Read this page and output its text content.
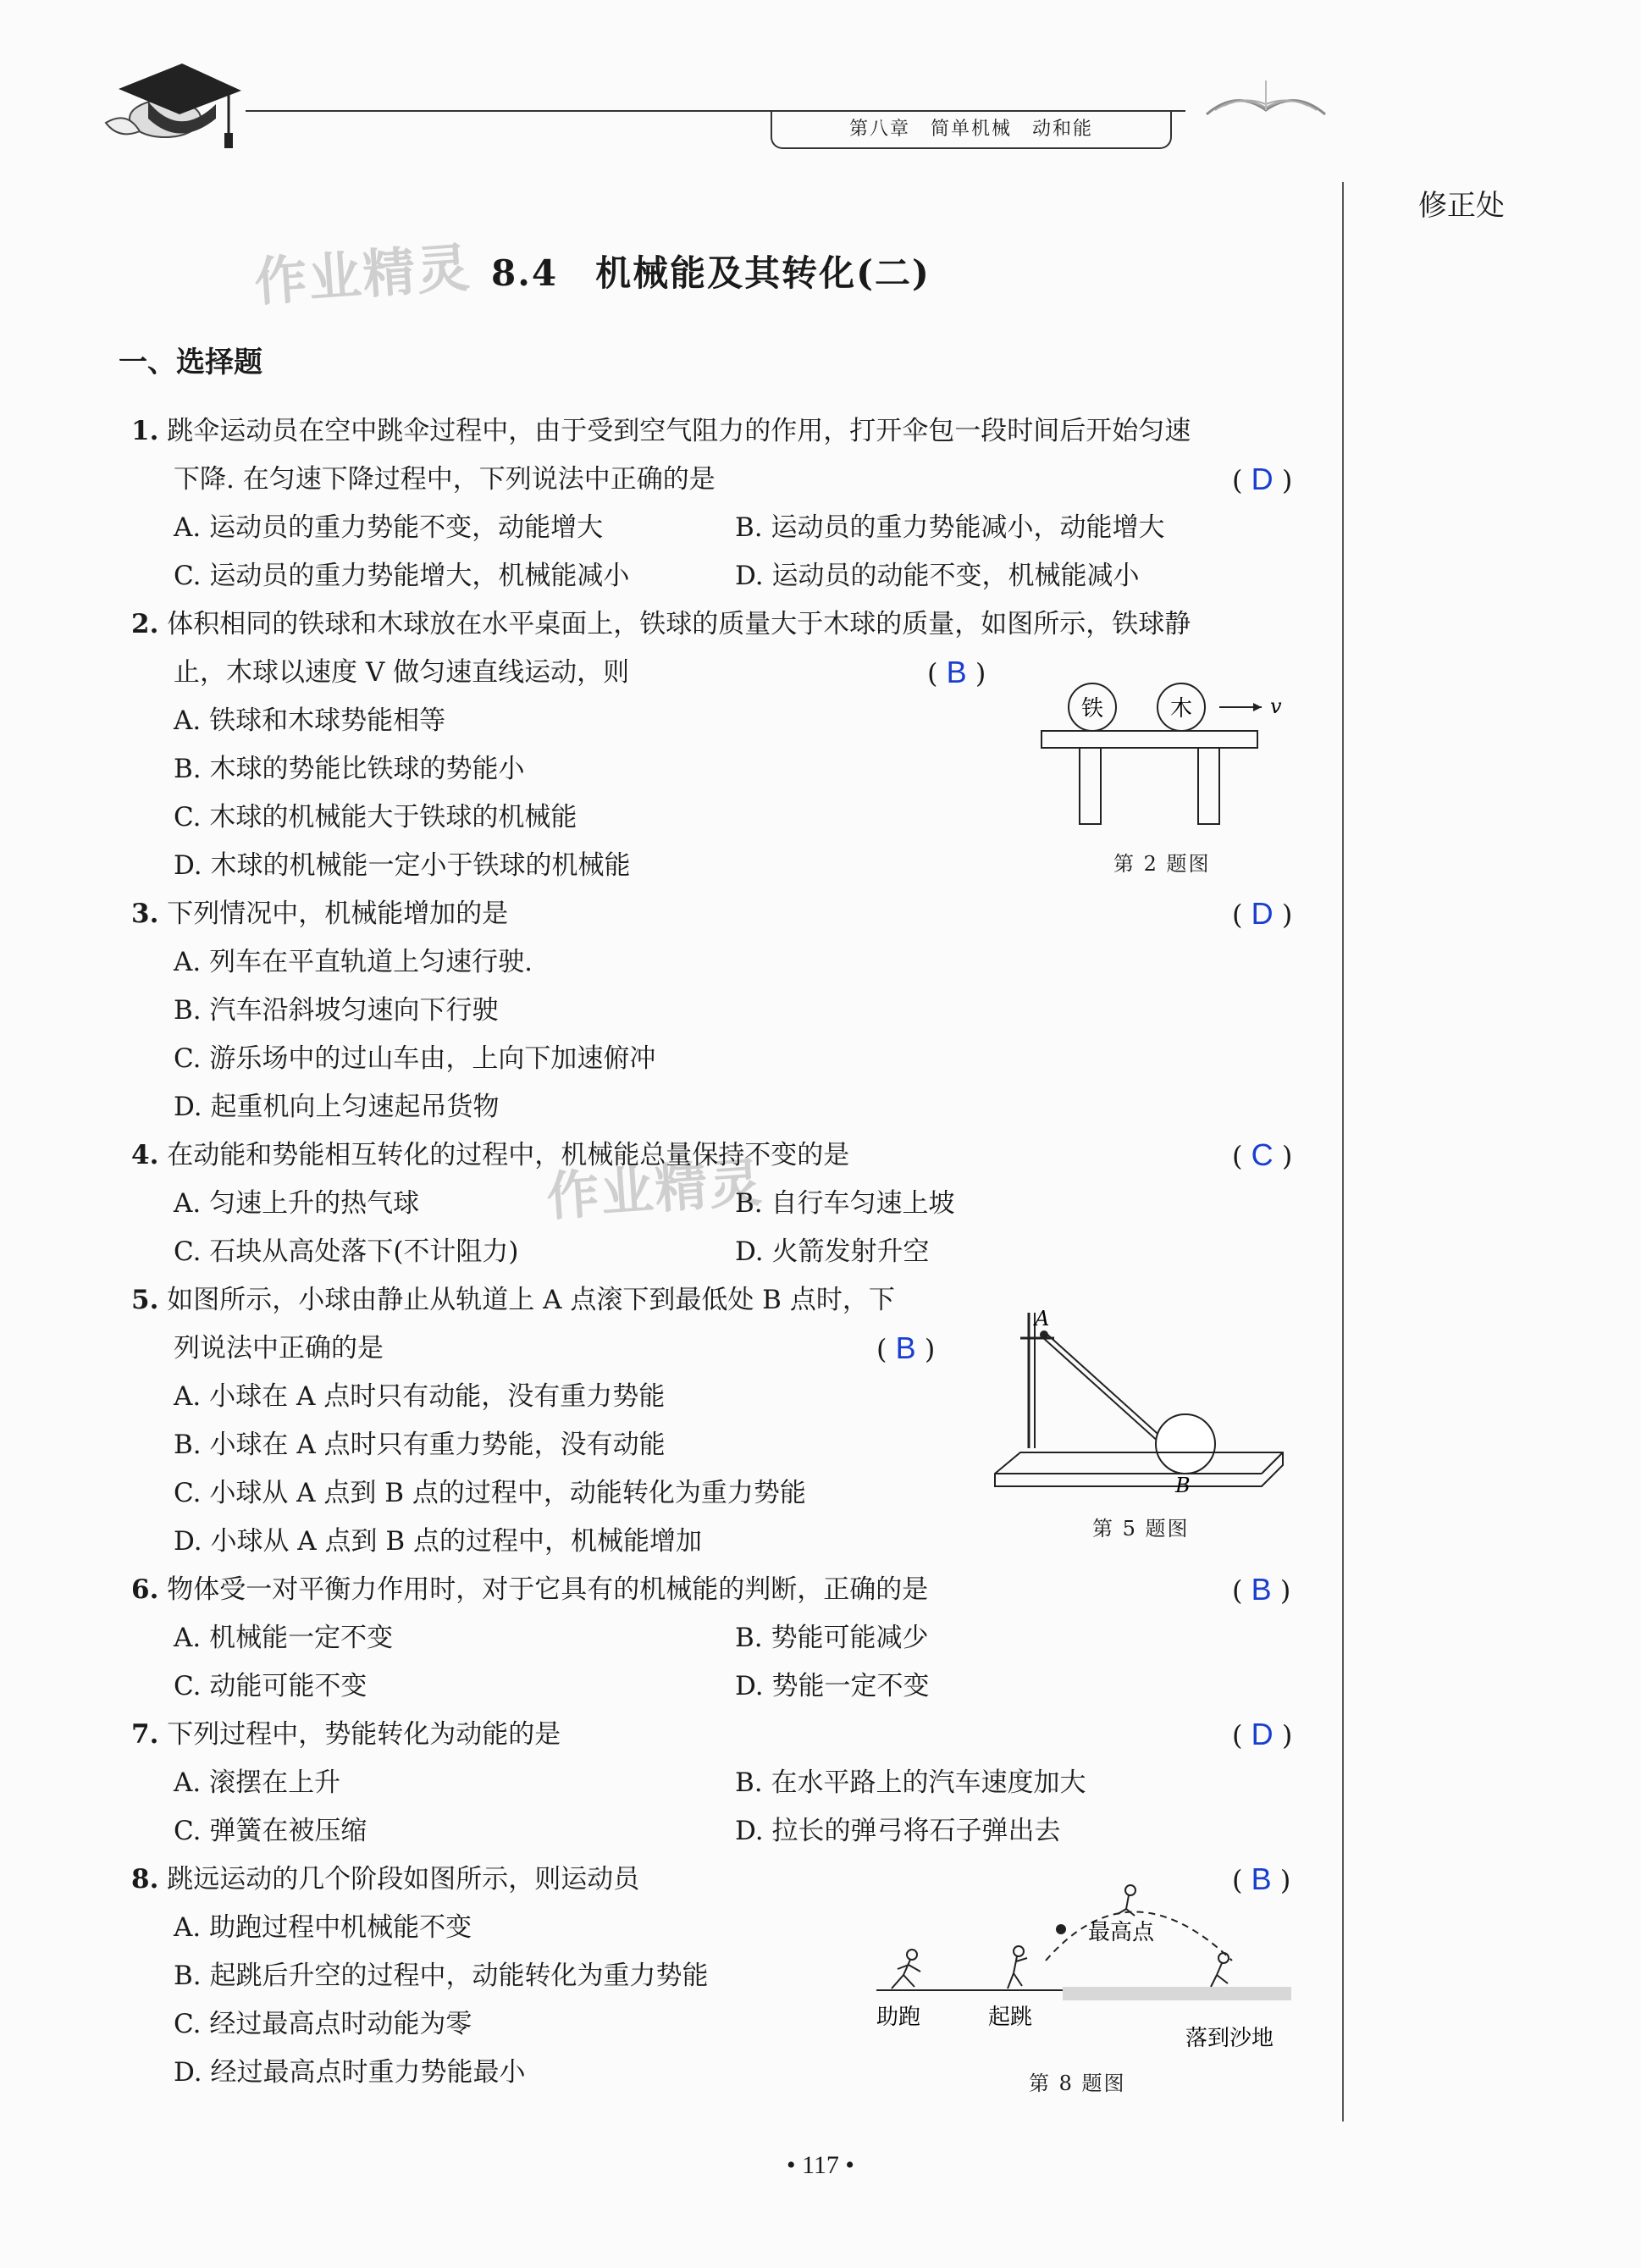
第八章　简单机械　动和能
修正处
作业精灵
作业精灵
8.4　机械能及其转化(二)
一、选择题
1. 跳伞运动员在空中跳伞过程中，由于受到空气阻力的作用，打开伞包一段时间后开始匀速
下降. 在匀速下降过程中，下列说法中正确的是	( D )
A. 运动员的重力势能不变，动能增大	B. 运动员的重力势能减小，动能增大
C. 运动员的重力势能增大，机械能减小	D. 运动员的动能不变，机械能减小
2. 体积相同的铁球和木球放在水平桌面上，铁球的质量大于木球的质量，如图所示，铁球静
止，木球以速度 V 做匀速直线运动，则	( B )
A. 铁球和木球势能相等
B. 木球的势能比铁球的势能小
C. 木球的机械能大于铁球的机械能
D. 木球的机械能一定小于铁球的机械能
铁	木	v
第 2 题图
3. 下列情况中，机械能增加的是	( D )
A. 列车在平直轨道上匀速行驶.
B. 汽车沿斜坡匀速向下行驶
C. 游乐场中的过山车由，上向下加速俯冲
D. 起重机向上匀速起吊货物
4. 在动能和势能相互转化的过程中，机械能总量保持不变的是	( C )
A. 匀速上升的热气球	B. 自行车匀速上坡
C. 石块从高处落下(不计阻力)	D. 火箭发射升空
5. 如图所示，小球由静止从轨道上 A 点滚下到最低处 B 点时，下
列说法中正确的是	( B )
A. 小球在 A 点时只有动能，没有重力势能
B. 小球在 A 点时只有重力势能，没有动能
C. 小球从 A 点到 B 点的过程中，动能转化为重力势能
D. 小球从 A 点到 B 点的过程中，机械能增加
A
B
第 5 题图
6. 物体受一对平衡力作用时，对于它具有的机械能的判断，正确的是	( B )
A. 机械能一定不变	B. 势能可能减少
C. 动能可能不变	D. 势能一定不变
7. 下列过程中，势能转化为动能的是	( D )
A. 滚摆在上升	B. 在水平路上的汽车速度加大
C. 弹簧在被压缩	D. 拉长的弹弓将石子弹出去
8. 跳远运动的几个阶段如图所示，则运动员	( B )
A. 助跑过程中机械能不变
B. 起跳后升空的过程中，动能转化为重力势能
C. 经过最高点时动能为零
D. 经过最高点时重力势能最小
最高点
助跑	起跳
落到沙地
第 8 题图
• 117 •
